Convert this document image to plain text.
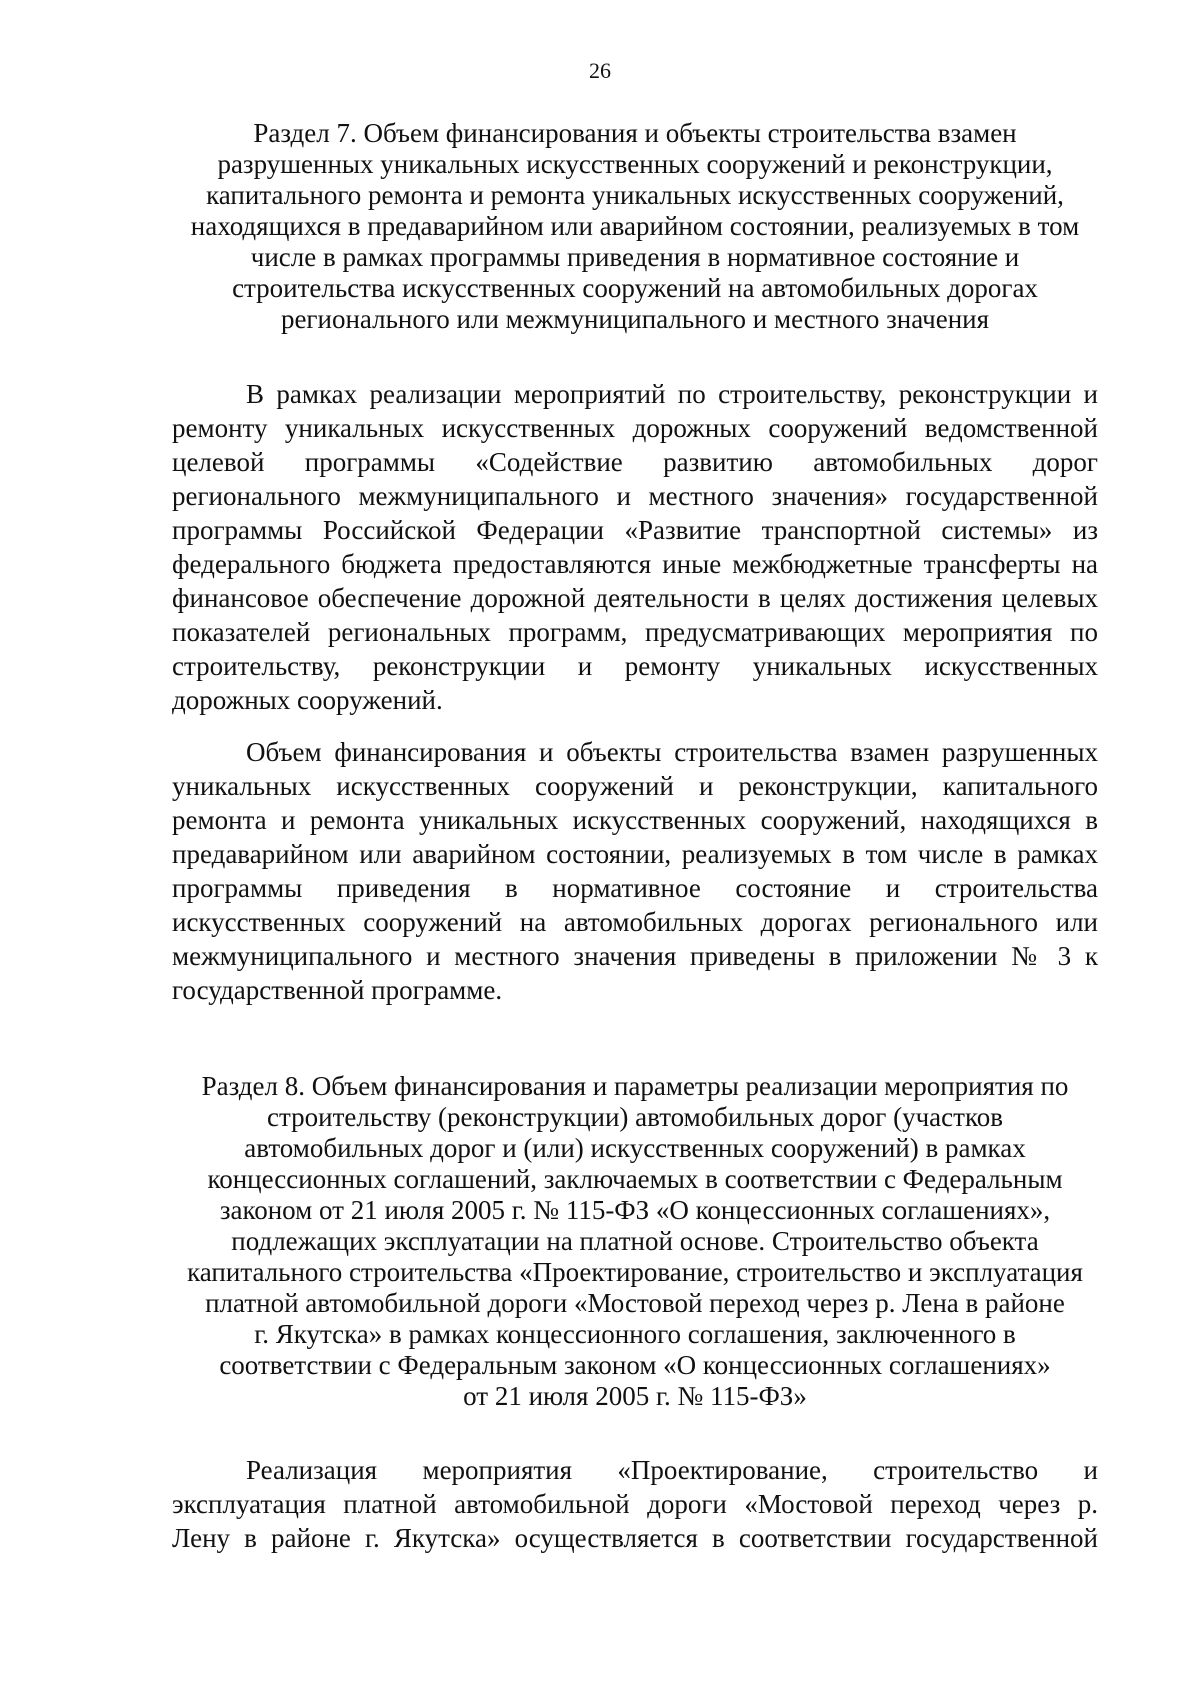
26
Раздел 7. Объем финансирования и объекты строительства взамен
разрушенных уникальных искусственных сооружений и реконструкции,
капитального ремонта и ремонта уникальных искусственных сооружений,
находящихся в предаварийном или аварийном состоянии, реализуемых в том
числе в рамках программы приведения в нормативное состояние и
строительства искусственных сооружений на автомобильных дорогах
регионального или межмуниципального и местного значения

В рамках реализации мероприятий по строительству, реконструкции и
ремонту уникальных искусственных дорожных сооружений ведомственной
целевой программы «Содействие развитию автомобильных дорог
регионального межмуниципального и местного значения» государственной
программы Российской Федерации «Развитие транспортной системы» из
федерального бюджета предоставляются иные межбюджетные трансферты на
финансовое обеспечение дорожной деятельности в целях достижения целевых
показателей региональных программ, предусматривающих мероприятия по
строительству, реконструкции и ремонту уникальных искусственных
дорожных сооружений.

Объем финансирования и объекты строительства взамен разрушенных
уникальных искусственных сооружений и реконструкции, капитального
ремонта и ремонта уникальных искусственных сооружений, находящихся в
предаварийном или аварийном состоянии, реализуемых в том числе в рамках
программы приведения в нормативное состояние и строительства
искусственных сооружений на автомобильных дорогах регионального или
межмуниципального и местного значения приведены в приложении № 3 к
государственной программе.

Раздел 8. Объем финансирования и параметры реализации мероприятия по
строительству (реконструкции) автомобильных дорог (участков
автомобильных дорог и (или) искусственных сооружений) в рамках
концессионных соглашений, заключаемых в соответствии с Федеральным
законом от 21 июля 2005 г. № 115-ФЗ «О концессионных соглашениях»,
подлежащих эксплуатации на платной основе. Строительство объекта
капитального строительства «Проектирование, строительство и эксплуатация
платной автомобильной дороги «Мостовой переход через р. Лена в районе
г. Якутска» в рамках концессионного соглашения, заключенного в
соответствии с Федеральным законом «О концессионных соглашениях»
от 21 июля 2005 г. № 115-ФЗ»

Реализация мероприятия «Проектирование, строительство и
эксплуатация платной автомобильной дороги «Мостовой переход через р.
Лену в районе г. Якутска» осуществляется в соответствии государственной
